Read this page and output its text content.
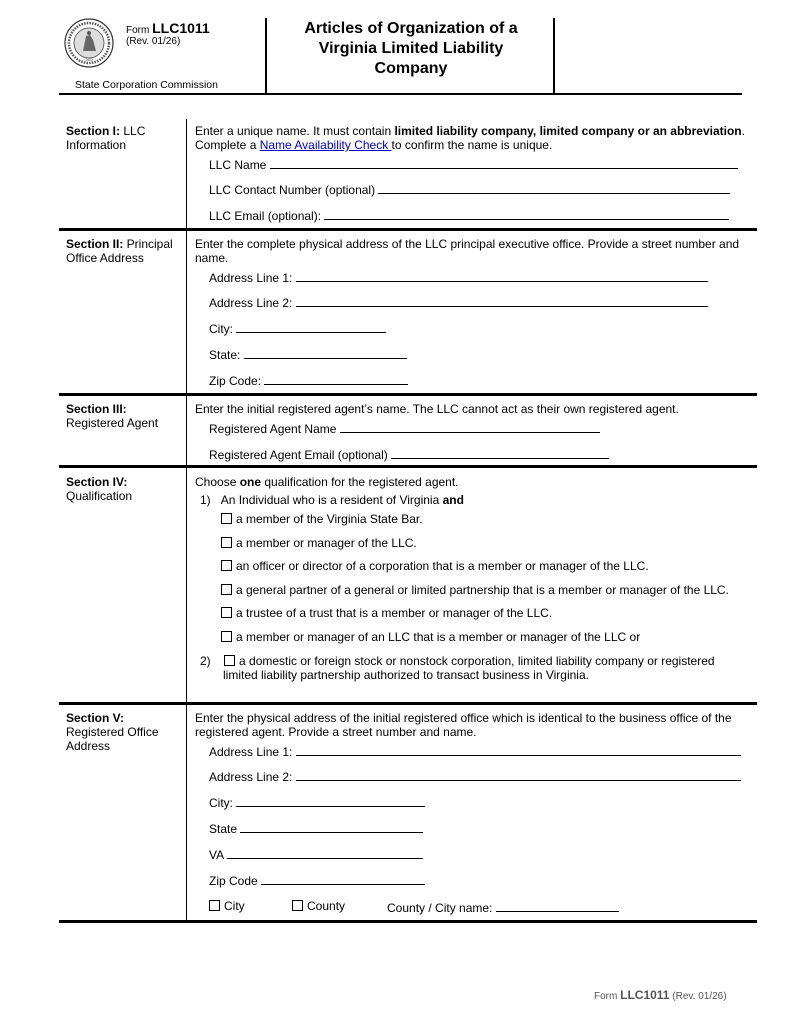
1903
Form LLC1011
(Rev. 01/26)
State Corporation Commission
Articles of Organization of a
Virginia Limited Liability
Company
Section I: LLC
Information
Enter a unique name. It must contain limited liability company, limited company or an abbreviation.
Complete a Name Availability Check to confirm the name is unique.
LLC Name
LLC Contact Number (optional)
LLC Email (optional):
Section II: Principal
Office Address
Enter the complete physical address of the LLC principal executive office. Provide a street number and name.
Address Line 1:
Address Line 2:
City:
State:
Zip Code:
Section III:
Registered Agent
Enter the initial registered agent’s name. The LLC cannot act as their own registered agent.
Registered Agent Name
Registered Agent Email (optional)
Section IV:
Qualification
Choose one qualification for the registered agent.
1) An Individual who is a resident of Virginia and
a member of the Virginia State Bar.
a member or manager of the LLC.
an officer or director of a corporation that is a member or manager of the LLC.
a general partner of a general or limited partnership that is a member or manager of the LLC.
a trustee of a trust that is a member or manager of the LLC.
a member or manager of an LLC that is a member or manager of the LLC or
2) a domestic or foreign stock or nonstock corporation, limited liability company or registered
limited liability partnership authorized to transact business in Virginia.
Section V:
Registered Office
Address
Enter the physical address of the initial registered office which is identical to the business office of the registered agent. Provide a street number and name.
Address Line 1:
Address Line 2:
City:
State
VA
Zip Code
City	County	County / City name:
Form LLC1011 (Rev. 01/26)
